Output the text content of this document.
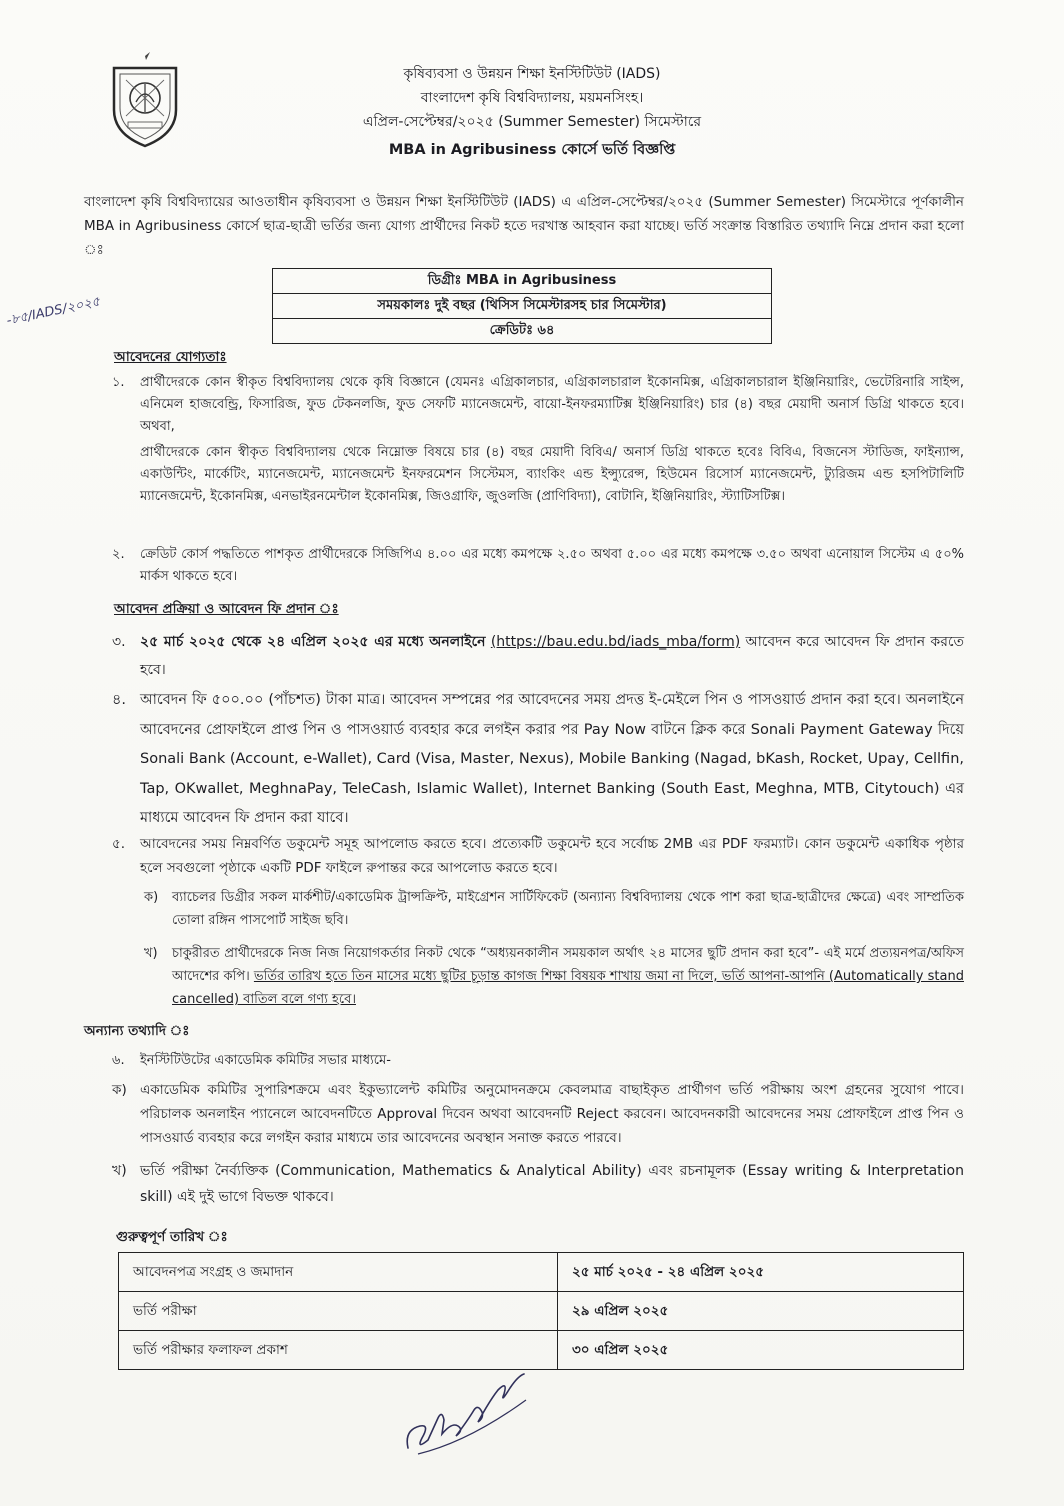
কৃষিব্যবসা ও উন্নয়ন শিক্ষা ইনস্টিটিউট (IADS)
বাংলাদেশ কৃষি বিশ্ববিদ্যালয়, ময়মনসিংহ।
এপ্রিল-সেপ্টেম্বর/২০২৫ (Summer Semester) সিমেস্টারে
MBA in Agribusiness কোর্সে ভর্তি বিজ্ঞপ্তি
বাংলাদেশ কৃষি বিশ্ববিদ্যায়ের আওতাধীন কৃষিব্যবসা ও উন্নয়ন শিক্ষা ইনস্টিটিউট (IADS) এ এপ্রিল-সেপ্টেম্বর/২০২৫ (Summer Semester) সিমেস্টারে পূর্ণকালীন MBA in Agribusiness কোর্সে ছাত্র-ছাত্রী ভর্তির জন্য যোগ্য প্রার্থীদের নিকট হতে দরখাস্ত আহবান করা যাচ্ছে। ভর্তি সংক্রান্ত বিস্তারিত তথ্যাদি নিম্নে প্রদান করা হলো ঃ
-৮৫/IADS/২০২৫
ডিগ্রীঃ MBA in Agribusiness
সময়কালঃ দুই বছর (থিসিস সিমেস্টারসহ চার সিমেস্টার)
ক্রেডিটঃ ৬৪
আবেদনের যোগ্যতাঃ
১. প্রার্থীদেরকে কোন স্বীকৃত বিশ্ববিদ্যালয় থেকে কৃষি বিজ্ঞানে (যেমনঃ এগ্রিকালচার, এগ্রিকালচারাল ইকোনমিক্স, এগ্রিকালচারাল ইঞ্জিনিয়ারিং, ভেটেরিনারি সাইন্স, এনিমেল হাজবেন্ড্রি, ফিসারিজ, ফুড টেকনলজি, ফুড সেফটি ম্যানেজমেন্ট, বায়ো-ইনফরম্যাটিক্স ইঞ্জিনিয়ারিং) চার (৪) বছর মেয়াদী অনার্স ডিগ্রি থাকতে হবে। অথবা,
প্রার্থীদেরকে কোন স্বীকৃত বিশ্ববিদ্যালয় থেকে নিম্নোক্ত বিষয়ে চার (৪) বছর মেয়াদী বিবিএ/ অনার্স ডিগ্রি থাকতে হবেঃ বিবিএ, বিজনেস স্টাডিজ, ফাইন্যান্স, একাউন্টিং, মার্কেটিং, ম্যানেজমেন্ট, ম্যানেজমেন্ট ইনফরমেশন সিস্টেমস, ব্যাংকিং এন্ড ইন্স্যুরেন্স, হিউমেন রিসোর্স ম্যানেজমেন্ট, ট্যুরিজম এন্ড হসপিটালিটি ম্যানেজমেন্ট, ইকোনমিক্স, এনভাইরনমেন্টাল ইকোনমিক্স, জিওগ্রাফি, জুওলজি (প্রাণিবিদ্যা), বোটানি, ইঞ্জিনিয়ারিং, স্ট্যাটিসটিক্স।
২. ক্রেডিট কোর্স পদ্ধতিতে পাশকৃত প্রার্থীদেরকে সিজিপিএ ৪.০০ এর মধ্যে কমপক্ষে ২.৫০ অথবা ৫.০০ এর মধ্যে কমপক্ষে ৩.৫০ অথবা এনোয়াল সিস্টেম এ ৫০% মার্কস থাকতে হবে।
আবেদন প্রক্রিয়া ও আবেদন ফি প্রদান ঃ
৩. ২৫ মার্চ ২০২৫ থেকে ২৪ এপ্রিল ২০২৫ এর মধ্যে অনলাইনে (https://bau.edu.bd/iads_mba/form) আবেদন করে আবেদন ফি প্রদান করতে হবে।
৪. আবেদন ফি ৫০০.০০ (পাঁচশত) টাকা মাত্র। আবেদন সম্পন্নের পর আবেদনের সময় প্রদত্ত ই-মেইলে পিন ও পাসওয়ার্ড প্রদান করা হবে। অনলাইনে আবেদনের প্রোফাইলে প্রাপ্ত পিন ও পাসওয়ার্ড ব্যবহার করে লগইন করার পর Pay Now বাটনে ক্লিক করে Sonali Payment Gateway দিয়ে Sonali Bank (Account, e-Wallet), Card (Visa, Master, Nexus), Mobile Banking (Nagad, bKash, Rocket, Upay, Cellfin, Tap, OKwallet, MeghnaPay, TeleCash, Islamic Wallet), Internet Banking (South East, Meghna, MTB, Citytouch) এর মাধ্যমে আবেদন ফি প্রদান করা যাবে।
৫. আবেদনের সময় নিম্নবর্ণিত ডকুমেন্ট সমূহ আপলোড করতে হবে। প্রত্যেকটি ডকুমেন্ট হবে সর্বোচ্চ 2MB এর PDF ফরম্যাট। কোন ডকুমেন্ট একাধিক পৃষ্ঠার হলে সবগুলো পৃষ্ঠাকে একটি PDF ফাইলে রুপান্তর করে আপলোড করতে হবে।
ক) ব্যাচেলর ডিগ্রীর সকল মার্কশীট/একাডেমিক ট্রান্সক্রিপ্ট, মাইগ্রেশন সার্টিফিকেট (অন্যান্য বিশ্ববিদ্যালয় থেকে পাশ করা ছাত্র-ছাত্রীদের ক্ষেত্রে) এবং সাম্প্রতিক তোলা রঙ্গিন পাসপোর্ট সাইজ ছবি।
খ) চাকুরীরত প্রার্থীদেরকে নিজ নিজ নিয়োগকর্তার নিকট থেকে “অধ্যয়নকালীন সময়কাল অর্থাৎ ২৪ মাসের ছুটি প্রদান করা হবে”- এই মর্মে প্রত্যয়নপত্র/অফিস আদেশের কপি। ভর্তির তারিখ হতে তিন মাসের মধ্যে ছুটির চূড়ান্ত কাগজ শিক্ষা বিষয়ক শাখায় জমা না দিলে, ভর্তি আপনা-আপনি (Automatically stand cancelled) বাতিল বলে গণ্য হবে।
অন্যান্য তথ্যাদি ঃ
৬. ইনস্টিটিউটের একাডেমিক কমিটির সভার মাধ্যমে-
ক) একাডেমিক কমিটির সুপারিশক্রমে এবং ইকুভ্যালেন্ট কমিটির অনুমোদনক্রমে কেবলমাত্র বাছাইকৃত প্রার্থীগণ ভর্তি পরীক্ষায় অংশ গ্রহনের সুযোগ পাবে। পরিচালক অনলাইন প্যানেলে আবেদনটিতে Approval দিবেন অথবা আবেদনটি Reject করবেন। আবেদনকারী আবেদনের সময় প্রোফাইলে প্রাপ্ত পিন ও পাসওয়ার্ড ব্যবহার করে লগইন করার মাধ্যমে তার আবেদনের অবস্থান সনাক্ত করতে পারবে।
খ) ভর্তি পরীক্ষা নৈর্ব্যক্তিক (Communication, Mathematics & Analytical Ability) এবং রচনামূলক (Essay writing & Interpretation skill) এই দুই ভাগে বিভক্ত থাকবে।
গুরুত্বপূর্ণ তারিখ ঃ
আবেদনপত্র সংগ্রহ ও জমাদান	২৫ মার্চ ২০২৫ - ২৪ এপ্রিল ২০২৫
ভর্তি পরীক্ষা	২৯ এপ্রিল ২০২৫
ভর্তি পরীক্ষার ফলাফল প্রকাশ	৩০ এপ্রিল ২০২৫
